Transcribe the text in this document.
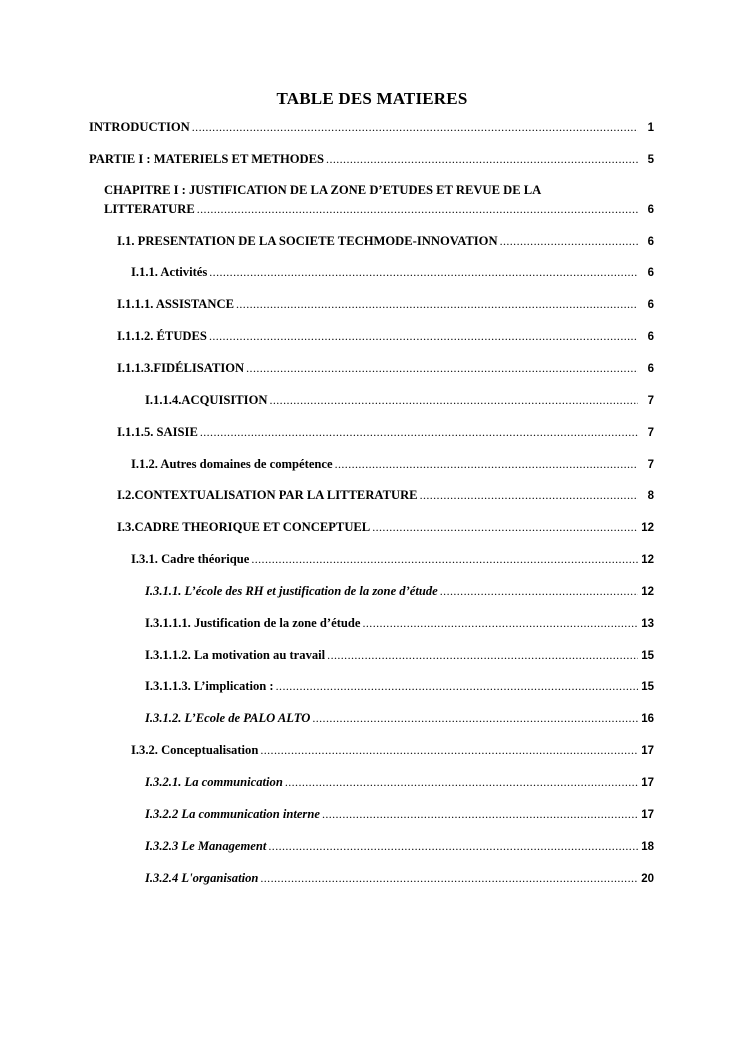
TABLE DES MATIERES
INTRODUCTION .....	1
PARTIE I : MATERIELS ET METHODES .....	5
CHAPITRE I : JUSTIFICATION DE LA ZONE D’ETUDES ET REVUE DE LA
LITTERATURE .....	6
I.1. PRESENTATION DE LA SOCIETE TECHMODE-INNOVATION .....	6
I.1.1. Activités .....	6
I.1.1.1. ASSISTANCE .....	6
I.1.1.2. ÉTUDES .....	6
I.1.1.3.FIDÉLISATION .....	6
I.1.1.4.ACQUISITION .....	7
I.1.1.5. SAISIE .....	7
I.1.2. Autres domaines de compétence .....	7
I.2.CONTEXTUALISATION PAR LA LITTERATURE .....	8
I.3.CADRE THEORIQUE ET CONCEPTUEL .....	12
I.3.1. Cadre théorique .....	12
I.3.1.1. L’école des RH et justification de la zone d’étude .....	12
I.3.1.1.1. Justification de la zone d’étude .....	13
I.3.1.1.2. La motivation au travail .....	15
I.3.1.1.3. L’implication : .....	15
I.3.1.2. L’Ecole de PALO ALTO .....	16
I.3.2. Conceptualisation .....	17
I.3.2.1. La communication .....	17
I.3.2.2 La communication interne .....	17
I.3.2.3 Le Management .....	18
I.3.2.4 L'organisation .....	20
